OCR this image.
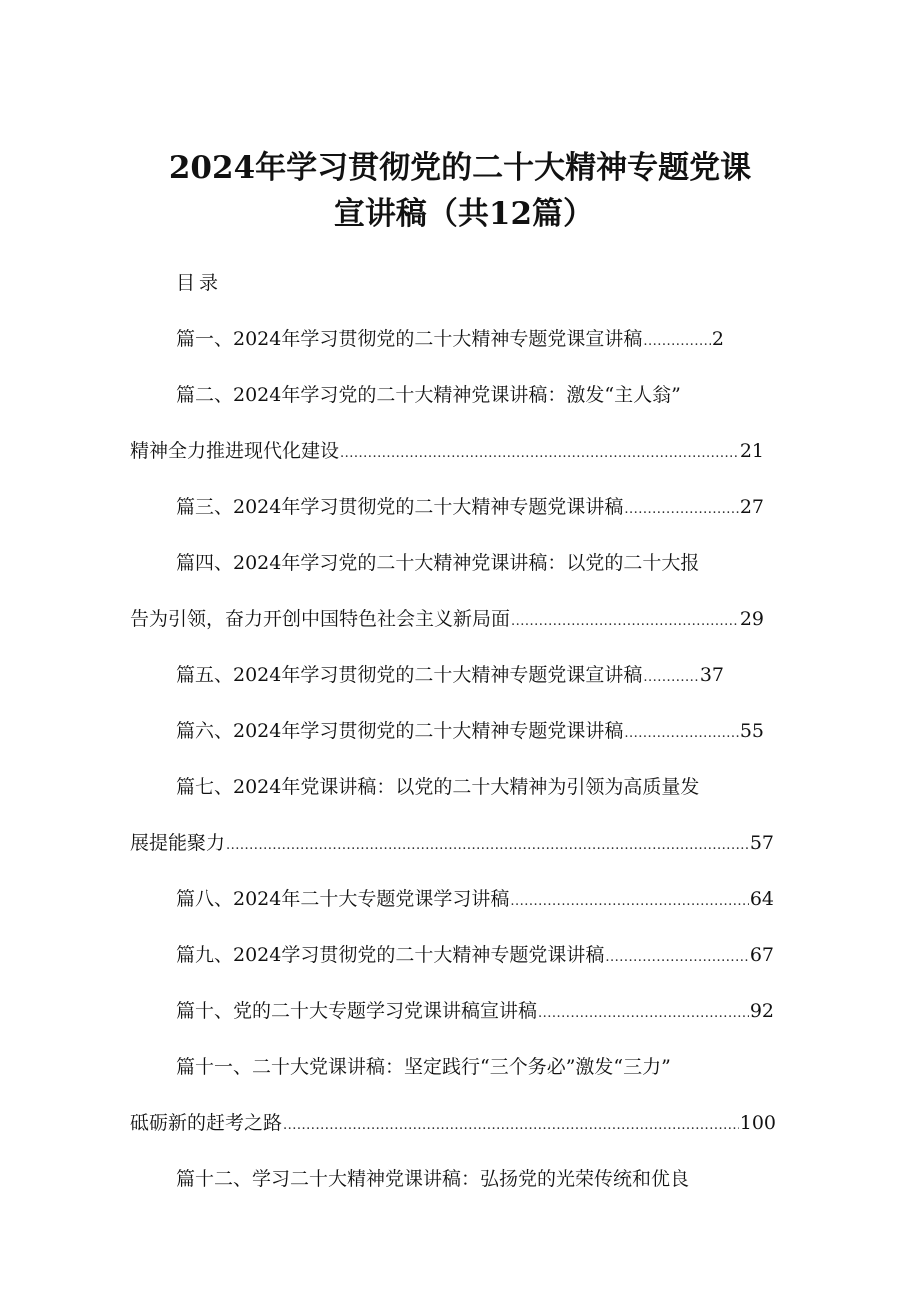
2024年学习贯彻党的二十大精神专题党课
宣讲稿（共12篇）
目录
篇一、2024年学习贯彻党的二十大精神专题党课宣讲稿 .....	2
篇二、2024年学习党的二十大精神党课讲稿：激发“主人翁”
精神全力推进现代化建设 .....	21
篇三、2024年学习贯彻党的二十大精神专题党课讲稿 .....	27
篇四、2024年学习党的二十大精神党课讲稿：以党的二十大报
告为引领，奋力开创中国特色社会主义新局面 .....	29
篇五、2024年学习贯彻党的二十大精神专题党课宣讲稿 .....	37
篇六、2024年学习贯彻党的二十大精神专题党课讲稿 .....	55
篇七、2024年党课讲稿：以党的二十大精神为引领为高质量发
展提能聚力 .....	57
篇八、2024年二十大专题党课学习讲稿 .....	64
篇九、2024学习贯彻党的二十大精神专题党课讲稿 .....	67
篇十、党的二十大专题学习党课讲稿宣讲稿 .....	92
篇十一、二十大党课讲稿：坚定践行“三个务必”激发“三力”
砥砺新的赶考之路 .....	100
篇十二、学习二十大精神党课讲稿：弘扬党的光荣传统和优良
